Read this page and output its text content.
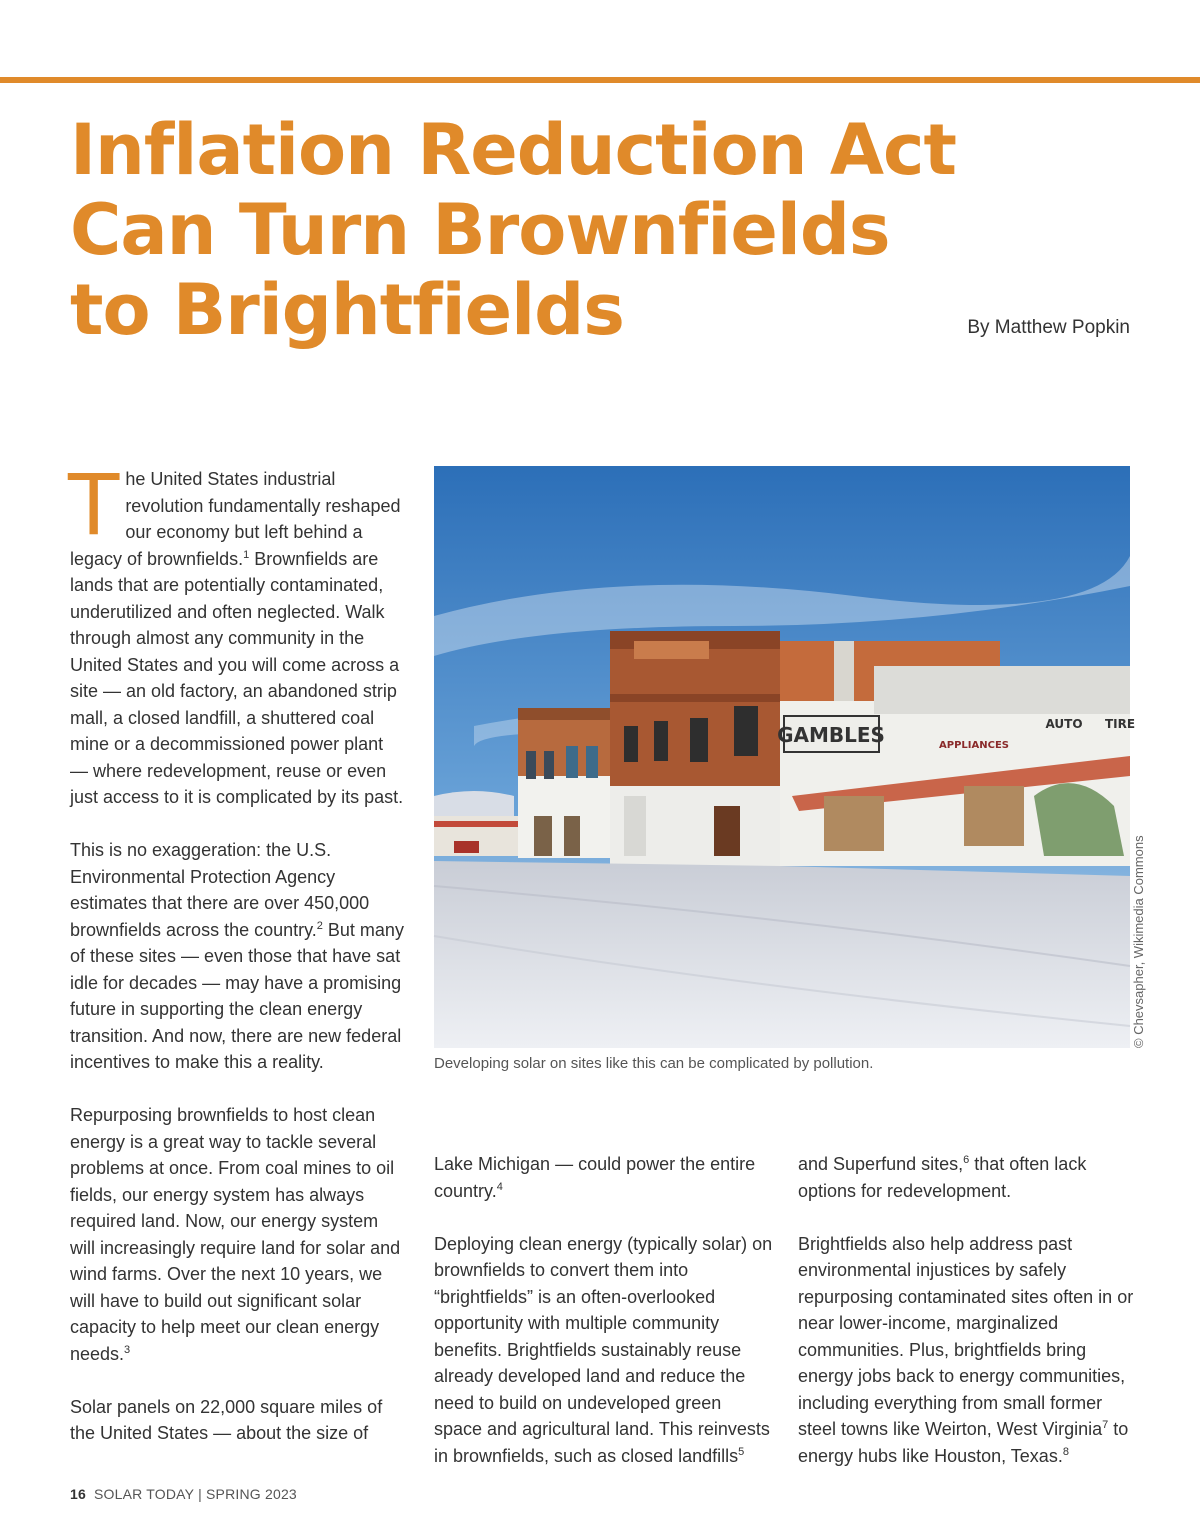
Inflation Reduction Act Can Turn Brownfields to Brightfields	By Matthew Popkin

The United States industrial revolution fundamentally reshaped our economy but left behind a legacy of brownfields.$^1$ Brownfields are lands that are potentially contaminated, underutilized and often neglected. Walk through almost any community in the United States and you will come across a site — an old factory, an abandoned strip mall, a closed landfill, a shuttered coal mine or a decommissioned power plant — where redevelopment, reuse or even just access to it is complicated by its past.

This is no exaggeration: the U.S. Environmental Protection Agency estimates that there are over 450,000 brownfields across the country.$^2$ But many of these sites — even those that have sat idle for decades — may have a promising future in supporting the clean energy transition. And now, there are new federal incentives to make this a reality.

Repurposing brownfields to host clean energy is a great way to tackle several problems at once. From coal mines to oil fields, our energy system has always required land. Now, our energy system will increasingly require land for solar and wind farms. Over the next 10 years, we will have to build out significant solar capacity to help meet our clean energy needs.$^3$

Solar panels on 22,000 square miles of the United States — about the size of

GAMBLES	APPLIANCES
AUTO TIRE
© Chevsapher, Wikimedia Commons
Developing solar on sites like this can be complicated by pollution.

Lake Michigan — could power the entire country.$^4$

Deploying clean energy (typically solar) on brownfields to convert them into “brightfields” is an often-overlooked opportunity with multiple community benefits. Brightfields sustainably reuse already developed land and reduce the need to build on undeveloped green space and agricultural land. This reinvests in brownfields, such as closed landfills$^5$

and Superfund sites,$^6$ that often lack options for redevelopment.

Brightfields also help address past environmental injustices by safely repurposing contaminated sites often in or near lower-income, marginalized communities. Plus, brightfields bring energy jobs back to energy communities, including everything from small former steel towns like Weirton, West Virginia$^7$ to energy hubs like Houston, Texas.$^8$

16 SOLAR TODAY | SPRING 2023
